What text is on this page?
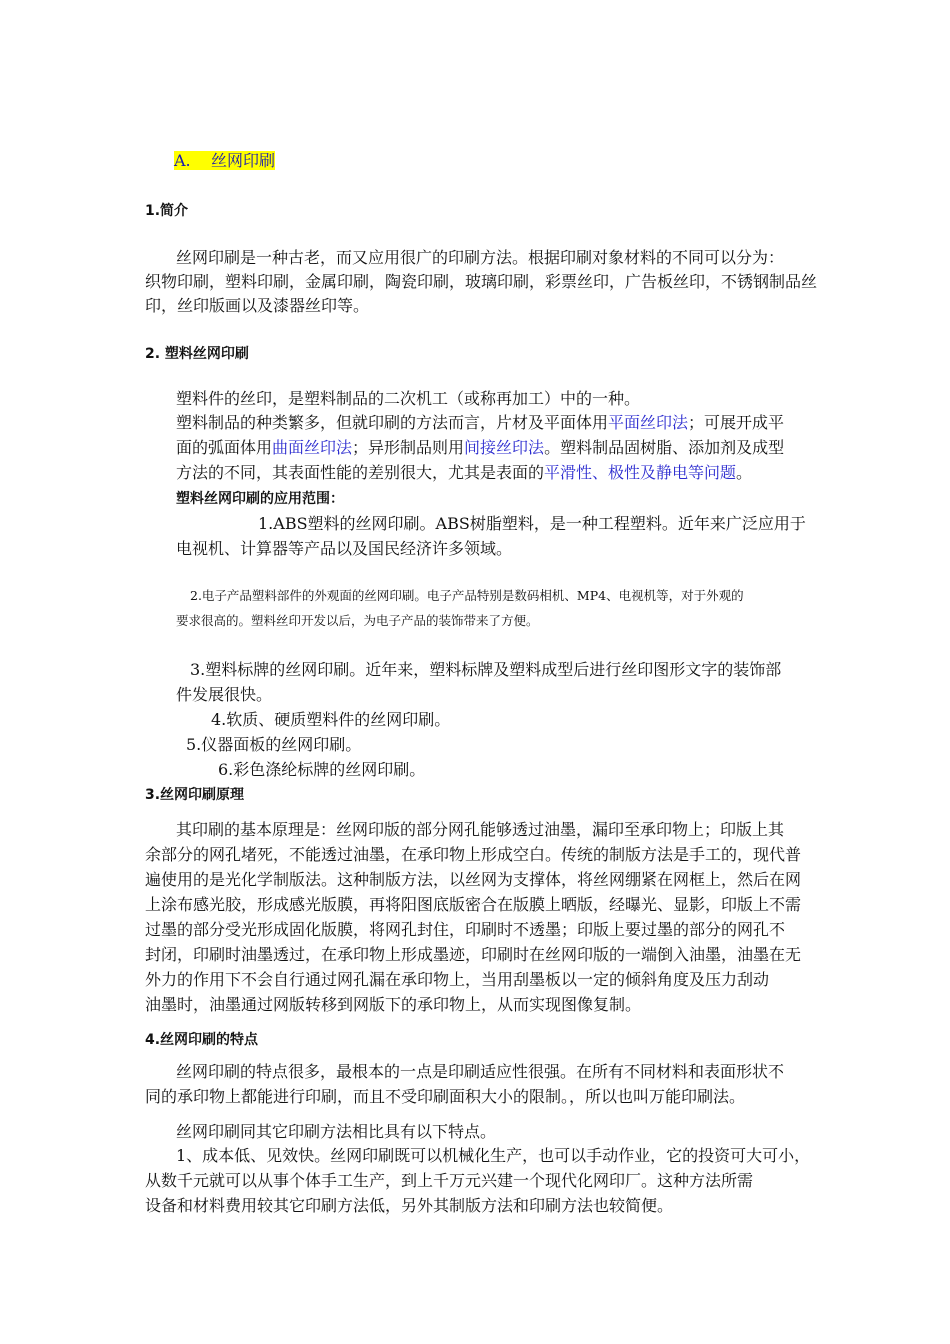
A.    丝网印刷
1.简介
丝网印刷是一种古老，而又应用很广的印刷方法。根据印刷对象材料的不同可以分为：
织物印刷，塑料印刷，金属印刷，陶瓷印刷，玻璃印刷，彩票丝印，广告板丝印，不锈钢制品丝
印，丝印版画以及漆器丝印等。
2. 塑料丝网印刷
塑料件的丝印，是塑料制品的二次机工（或称再加工）中的一种。
塑料制品的种类繁多，但就印刷的方法而言，片材及平面体用平面丝印法；可展开成平
面的弧面体用曲面丝印法；异形制品则用间接丝印法。塑料制品固树脂、添加剂及成型
方法的不同，其表面性能的差别很大，尤其是表面的平滑性、极性及静电等问题。
塑料丝网印刷的应用范围：
1.ABS塑料的丝网印刷。ABS树脂塑料，是一种工程塑料。近年来广泛应用于
电视机、计算器等产品以及国民经济许多领域。
2.电子产品塑料部件的外观面的丝网印刷。电子产品特别是数码相机、MP4、电视机等，对于外观的
要求很高的。塑料丝印开发以后，为电子产品的装饰带来了方便。
3.塑料标牌的丝网印刷。近年来，塑料标牌及塑料成型后进行丝印图形文字的装饰部
件发展很快。
4.软质、硬质塑料件的丝网印刷。
5.仪器面板的丝网印刷。
6.彩色涤纶标牌的丝网印刷。
3.丝网印刷原理
其印刷的基本原理是：丝网印版的部分网孔能够透过油墨，漏印至承印物上；印版上其
余部分的网孔堵死，不能透过油墨，在承印物上形成空白。传统的制版方法是手工的，现代普
遍使用的是光化学制版法。这种制版方法，以丝网为支撑体，将丝网绷紧在网框上，然后在网
上涂布感光胶，形成感光版膜，再将阳图底版密合在版膜上晒版，经曝光、显影，印版上不需
过墨的部分受光形成固化版膜，将网孔封住，印刷时不透墨；印版上要过墨的部分的网孔不
封闭，印刷时油墨透过，在承印物上形成墨迹，印刷时在丝网印版的一端倒入油墨，油墨在无
外力的作用下不会自行通过网孔漏在承印物上，当用刮墨板以一定的倾斜角度及压力刮动
油墨时，油墨通过网版转移到网版下的承印物上，从而实现图像复制。
4.丝网印刷的特点
丝网印刷的特点很多，最根本的一点是印刷适应性很强。在所有不同材料和表面形状不
同的承印物上都能进行印刷，而且不受印刷面积大小的限制。，所以也叫万能印刷法。
丝网印刷同其它印刷方法相比具有以下特点。
1、成本低、见效快。丝网印刷既可以机械化生产，也可以手动作业，它的投资可大可小，
从数千元就可以从事个体手工生产，到上千万元兴建一个现代化网印厂。这种方法所需
设备和材料费用较其它印刷方法低，另外其制版方法和印刷方法也较简便。
